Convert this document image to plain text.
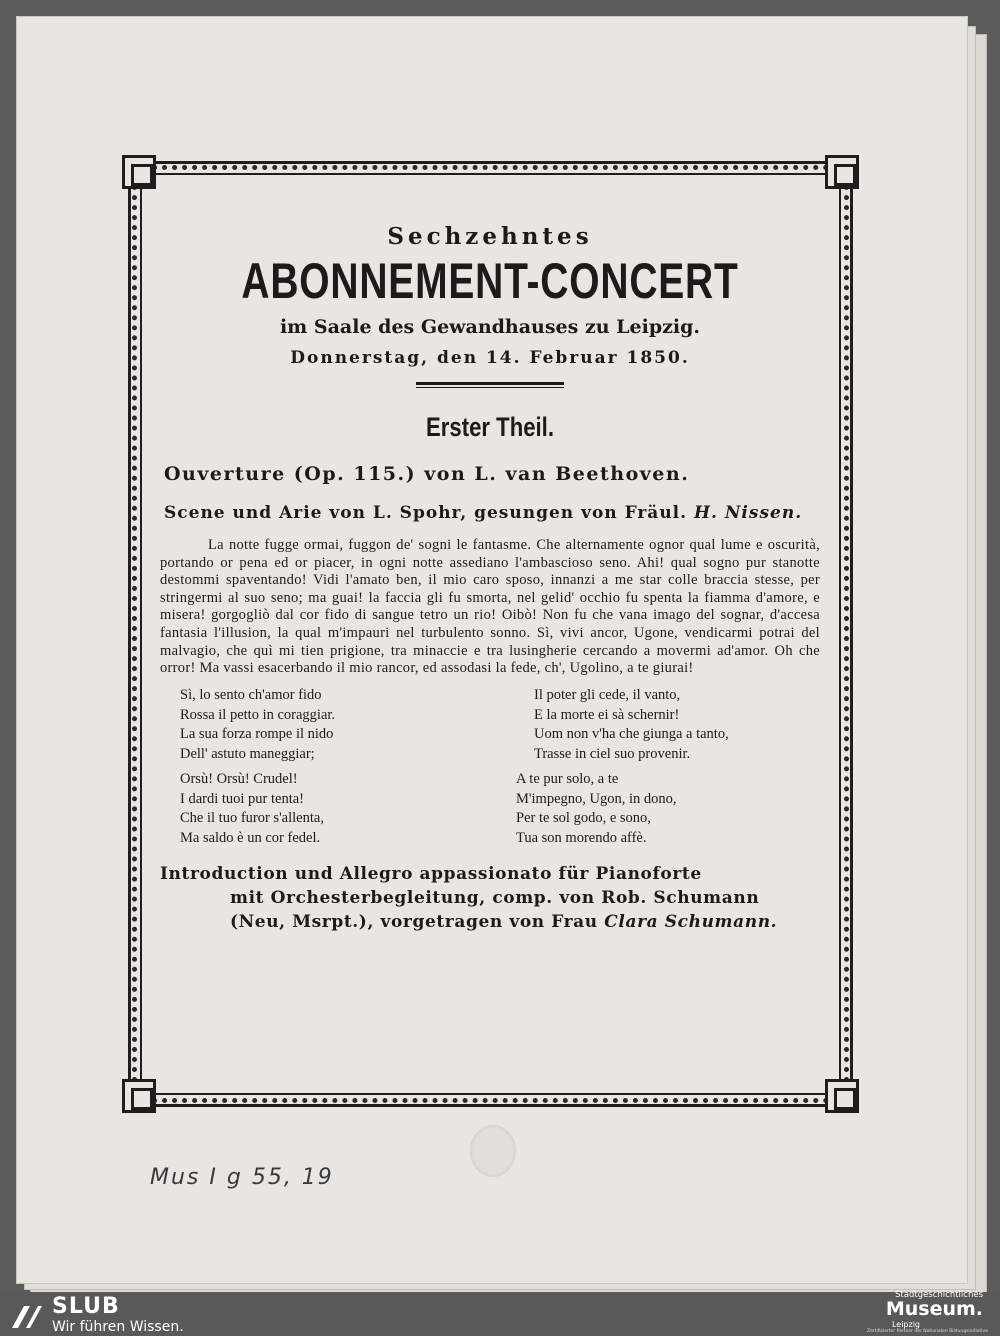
Sechzehntes
ABONNEMENT-CONCERT
im Saale des Gewandhauses zu Leipzig.
Donnerstag, den 14. Februar 1850.
Erster Theil.
Ouverture (Op. 115.) von L. van Beethoven.
Scene und Arie von L. Spohr, gesungen von Fräul. H. Nissen.
La notte fugge ormai, fuggon de' sogni le fantasme. Che alternamente ognor qual lume e oscurità, portando or pena ed or piacer, in ogni notte assediano l'ambascioso seno. Ahi! qual sogno pur stanotte destommi spaventando! Vidi l'amato ben, il mio caro sposo, innanzi a me star colle braccia stesse, per stringermi al suo seno; ma guai! la faccia gli fu smorta, nel gelid' occhio fu spenta la fiamma d'amore, e misera! gorgogliò dal cor fido di sangue tetro un rio! Oibò! Non fu che vana imago del sognar, d'accesa fantasia l'illusion, la qual m'impauri nel turbulento sonno. Sì, vivi ancor, Ugone, vendicarmi potrai del malvagio, che quì mi tien prigione, tra minaccie e tra lusingherie cercando a movermi ad'amor. Oh che orror! Ma vassi esacerbando il mio rancor, ed assodasi la fede, ch', Ugolino, a te giurai!
Sì, lo sento ch'amor fido
Rossa il petto in coraggiar.
La sua forza rompe il nido
Dell' astuto maneggiar;
Il poter gli cede, il vanto,
E la morte ei sà schernir!
Uom non v'ha che giunga a tanto,
Trasse in ciel suo provenir.
Orsù! Orsù! Crudel!
I dardi tuoi pur tenta!
Che il tuo furor s'allenta,
Ma saldo è un cor fedel.
A te pur solo, a te
M'impegno, Ugon, in dono,
Per te sol godo, e sono,
Tua son morendo affè.
Introduction und Allegro appassionato für Pianoforte
mit Orchesterbegleitung, comp. von Rob. Schumann
(Neu, Msrpt.), vorgetragen von Frau Clara Schumann.
Mus I g 55, 19
SLUB
Wir führen Wissen.
Stadtgeschichtliches
Museum.
Leipzig
Zertifizierter Partner der Nationalen Bildungsinitiative
